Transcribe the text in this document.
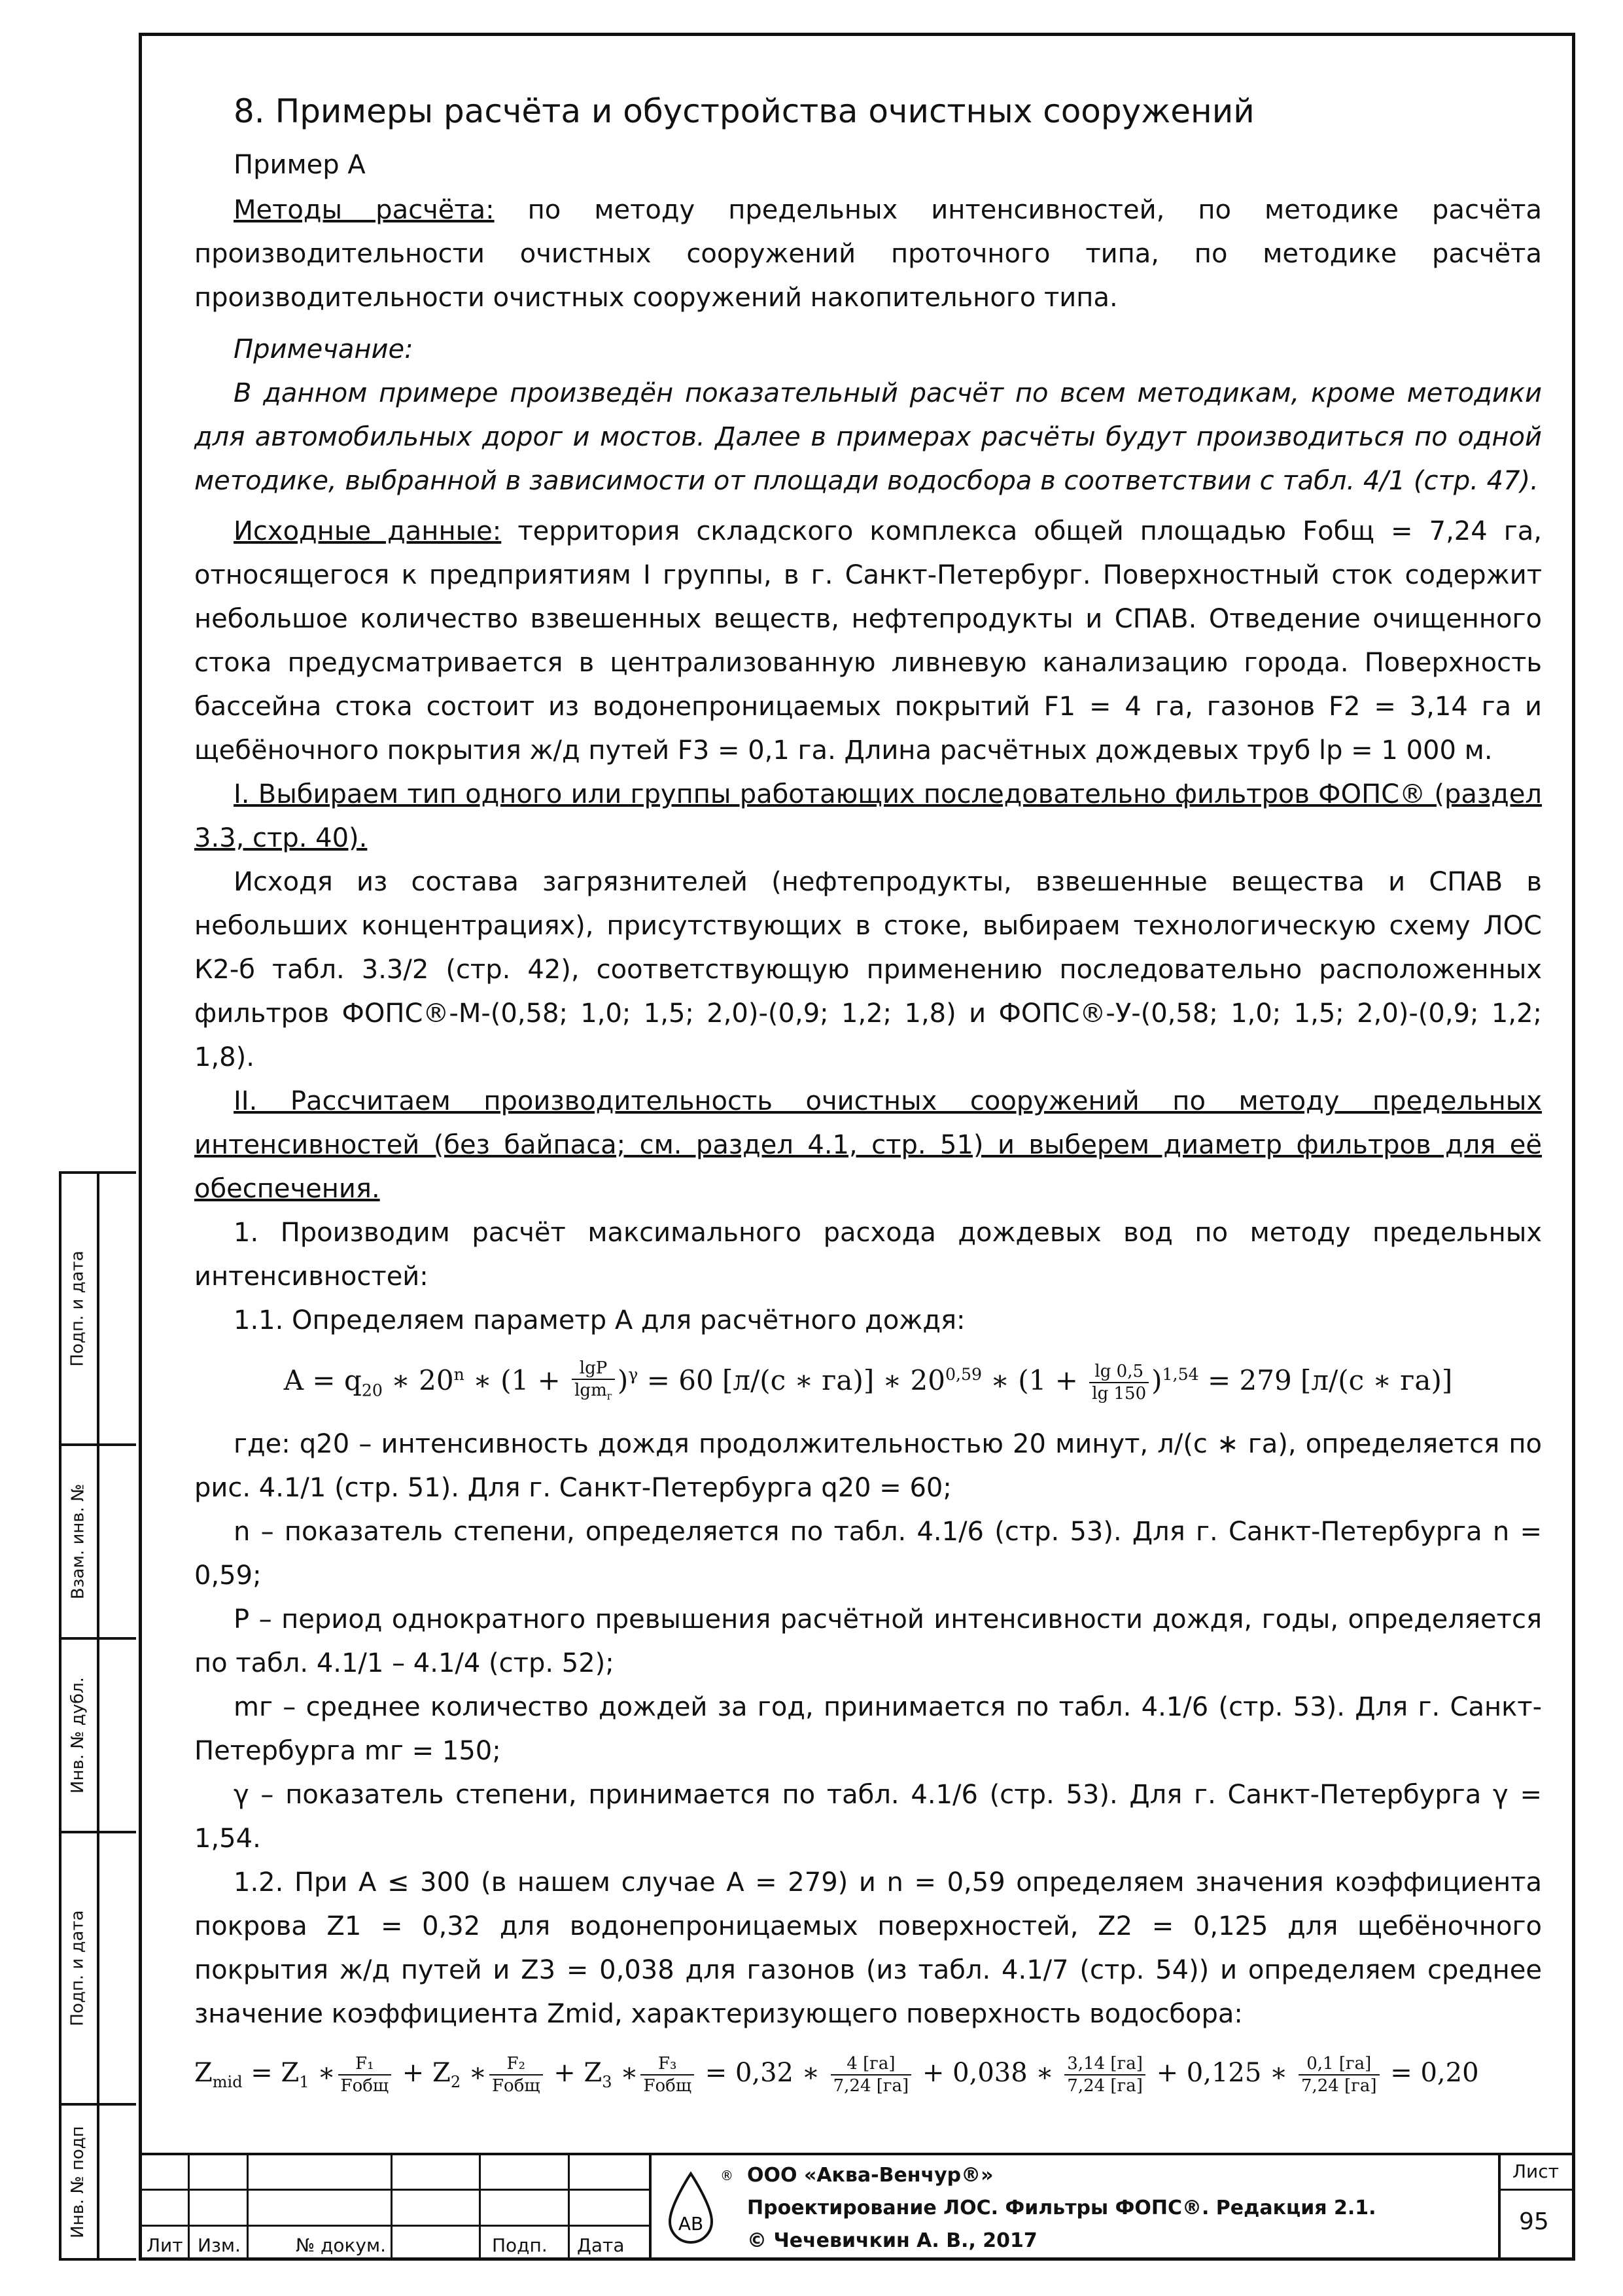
8. Примеры расчёта и обустройства очистных сооружений
Пример А

Методы расчёта: по методу предельных интенсивностей, по методике расчёта производительности очистных сооружений проточного типа, по методике расчёта производительности очистных сооружений накопительного типа.

Примечание:

В данном примере произведён показательный расчёт по всем методикам, кроме методики для автомобильных дорог и мостов. Далее в примерах расчёты будут производиться по одной методике, выбранной в зависимости от площади водосбора в соответствии с табл. 4/1 (стр. 47).

Исходные данные: территория складского комплекса общей площадью Fобщ = 7,24 га, относящегося к предприятиям I группы, в г. Санкт-Петербург. Поверхностный сток содержит небольшое количество взвешенных веществ, нефтепродукты и СПАВ. Отведение очищенного стока предусматривается в централизованную ливневую канализацию города. Поверхность бассейна стока состоит из водонепроницаемых покрытий F1 = 4 га, газонов F2 = 3,14 га и щебёночного покрытия ж/д путей F3 = 0,1 га. Длина расчётных дождевых труб lр = 1 000 м.

I. Выбираем тип одного или группы работающих последовательно фильтров ФОПС® (раздел 3.3, стр. 40).

Исходя из состава загрязнителей (нефтепродукты, взвешенные вещества и СПАВ в небольших концентрациях), присутствующих в стоке, выбираем технологическую схему ЛОС К2-б табл. 3.3/2 (стр. 42), соответствующую применению последовательно расположенных фильтров ФОПС®-М-(0,58; 1,0; 1,5; 2,0)-(0,9; 1,2; 1,8) и ФОПС®-У-(0,58; 1,0; 1,5; 2,0)-(0,9; 1,2; 1,8).

II. Рассчитаем производительность очистных сооружений по методу предельных интенсивностей (без байпаса; см. раздел 4.1, стр. 51) и выберем диаметр фильтров для её обеспечения.

1. Производим расчёт максимального расхода дождевых вод по методу предельных интенсивностей:

1.1. Определяем параметр А для расчётного дождя:

$A = q_{20}$ ∗ 20$^n$ ∗ $(1 + \frac{\lg P}{\lg m_г} )^\gamma = 60$ [л/(с ∗ га)] ∗ 20$^{0,59}$ ∗ $(1 + \frac{\lg 0,5}{\lg 150} )^{1,54} = 279$ [л/(с ∗ га)]

где: q20 – интенсивность дождя продолжительностью 20 минут, л/(с ∗ га), определяется по рис. 4.1/1 (стр. 51). Для г. Санкт-Петербурга q20 = 60;

n – показатель степени, определяется по табл. 4.1/6 (стр. 53). Для г. Санкт-Петербурга n = 0,59;

Р – период однократного превышения расчётной интенсивности дождя, годы, определяется по табл. 4.1/1 – 4.1/4 (стр. 52);

mг – среднее количество дождей за год, принимается по табл. 4.1/6 (стр. 53). Для г. Санкт-Петербурга mг = 150;

γ – показатель степени, принимается по табл. 4.1/6 (стр. 53). Для г. Санкт-Петербурга γ = 1,54.

1.2. При A ≤ 300 (в нашем случае А = 279) и n = 0,59 определяем значения коэффициента покрова Z1 = 0,32 для водонепроницаемых поверхностей, Z2 = 0,125 для щебёночного покрытия ж/д путей и Z3 = 0,038 для газонов (из табл. 4.1/7 (стр. 54)) и определяем среднее значение коэффициента Zmid, характеризующего поверхность водосбора:

$Z_{mid} = Z_1$ ∗ $\frac{\text{F₁}}{\text{Fобщ}} + Z_2$ ∗ $\frac{\text{F₂}}{\text{Fобщ}} + Z_3$ ∗ $\frac{\text{F₃}}{\text{Fобщ}} = 0,32$ ∗ $\frac{4 [га]}{7,24 [га]} + 0,038$ ∗ $\frac{3,14 [га]}{7,24 [га]} + 0,125$ ∗ $\frac{0,1 [га]}{7,24 [га]} = 0,20$
Подп. и дата
Взам. инв. №
Инв. № дубл.
Подп. и дата
Инв. № подп
Лит Изм.	№ докум.	Подп. Дата
Лист
95
АВ
® ООО «Аква-Венчур®»
Проектирование ЛОС. Фильтры ФОПС®. Редакция 2.1.
© Чечевичкин А. В., 2017
